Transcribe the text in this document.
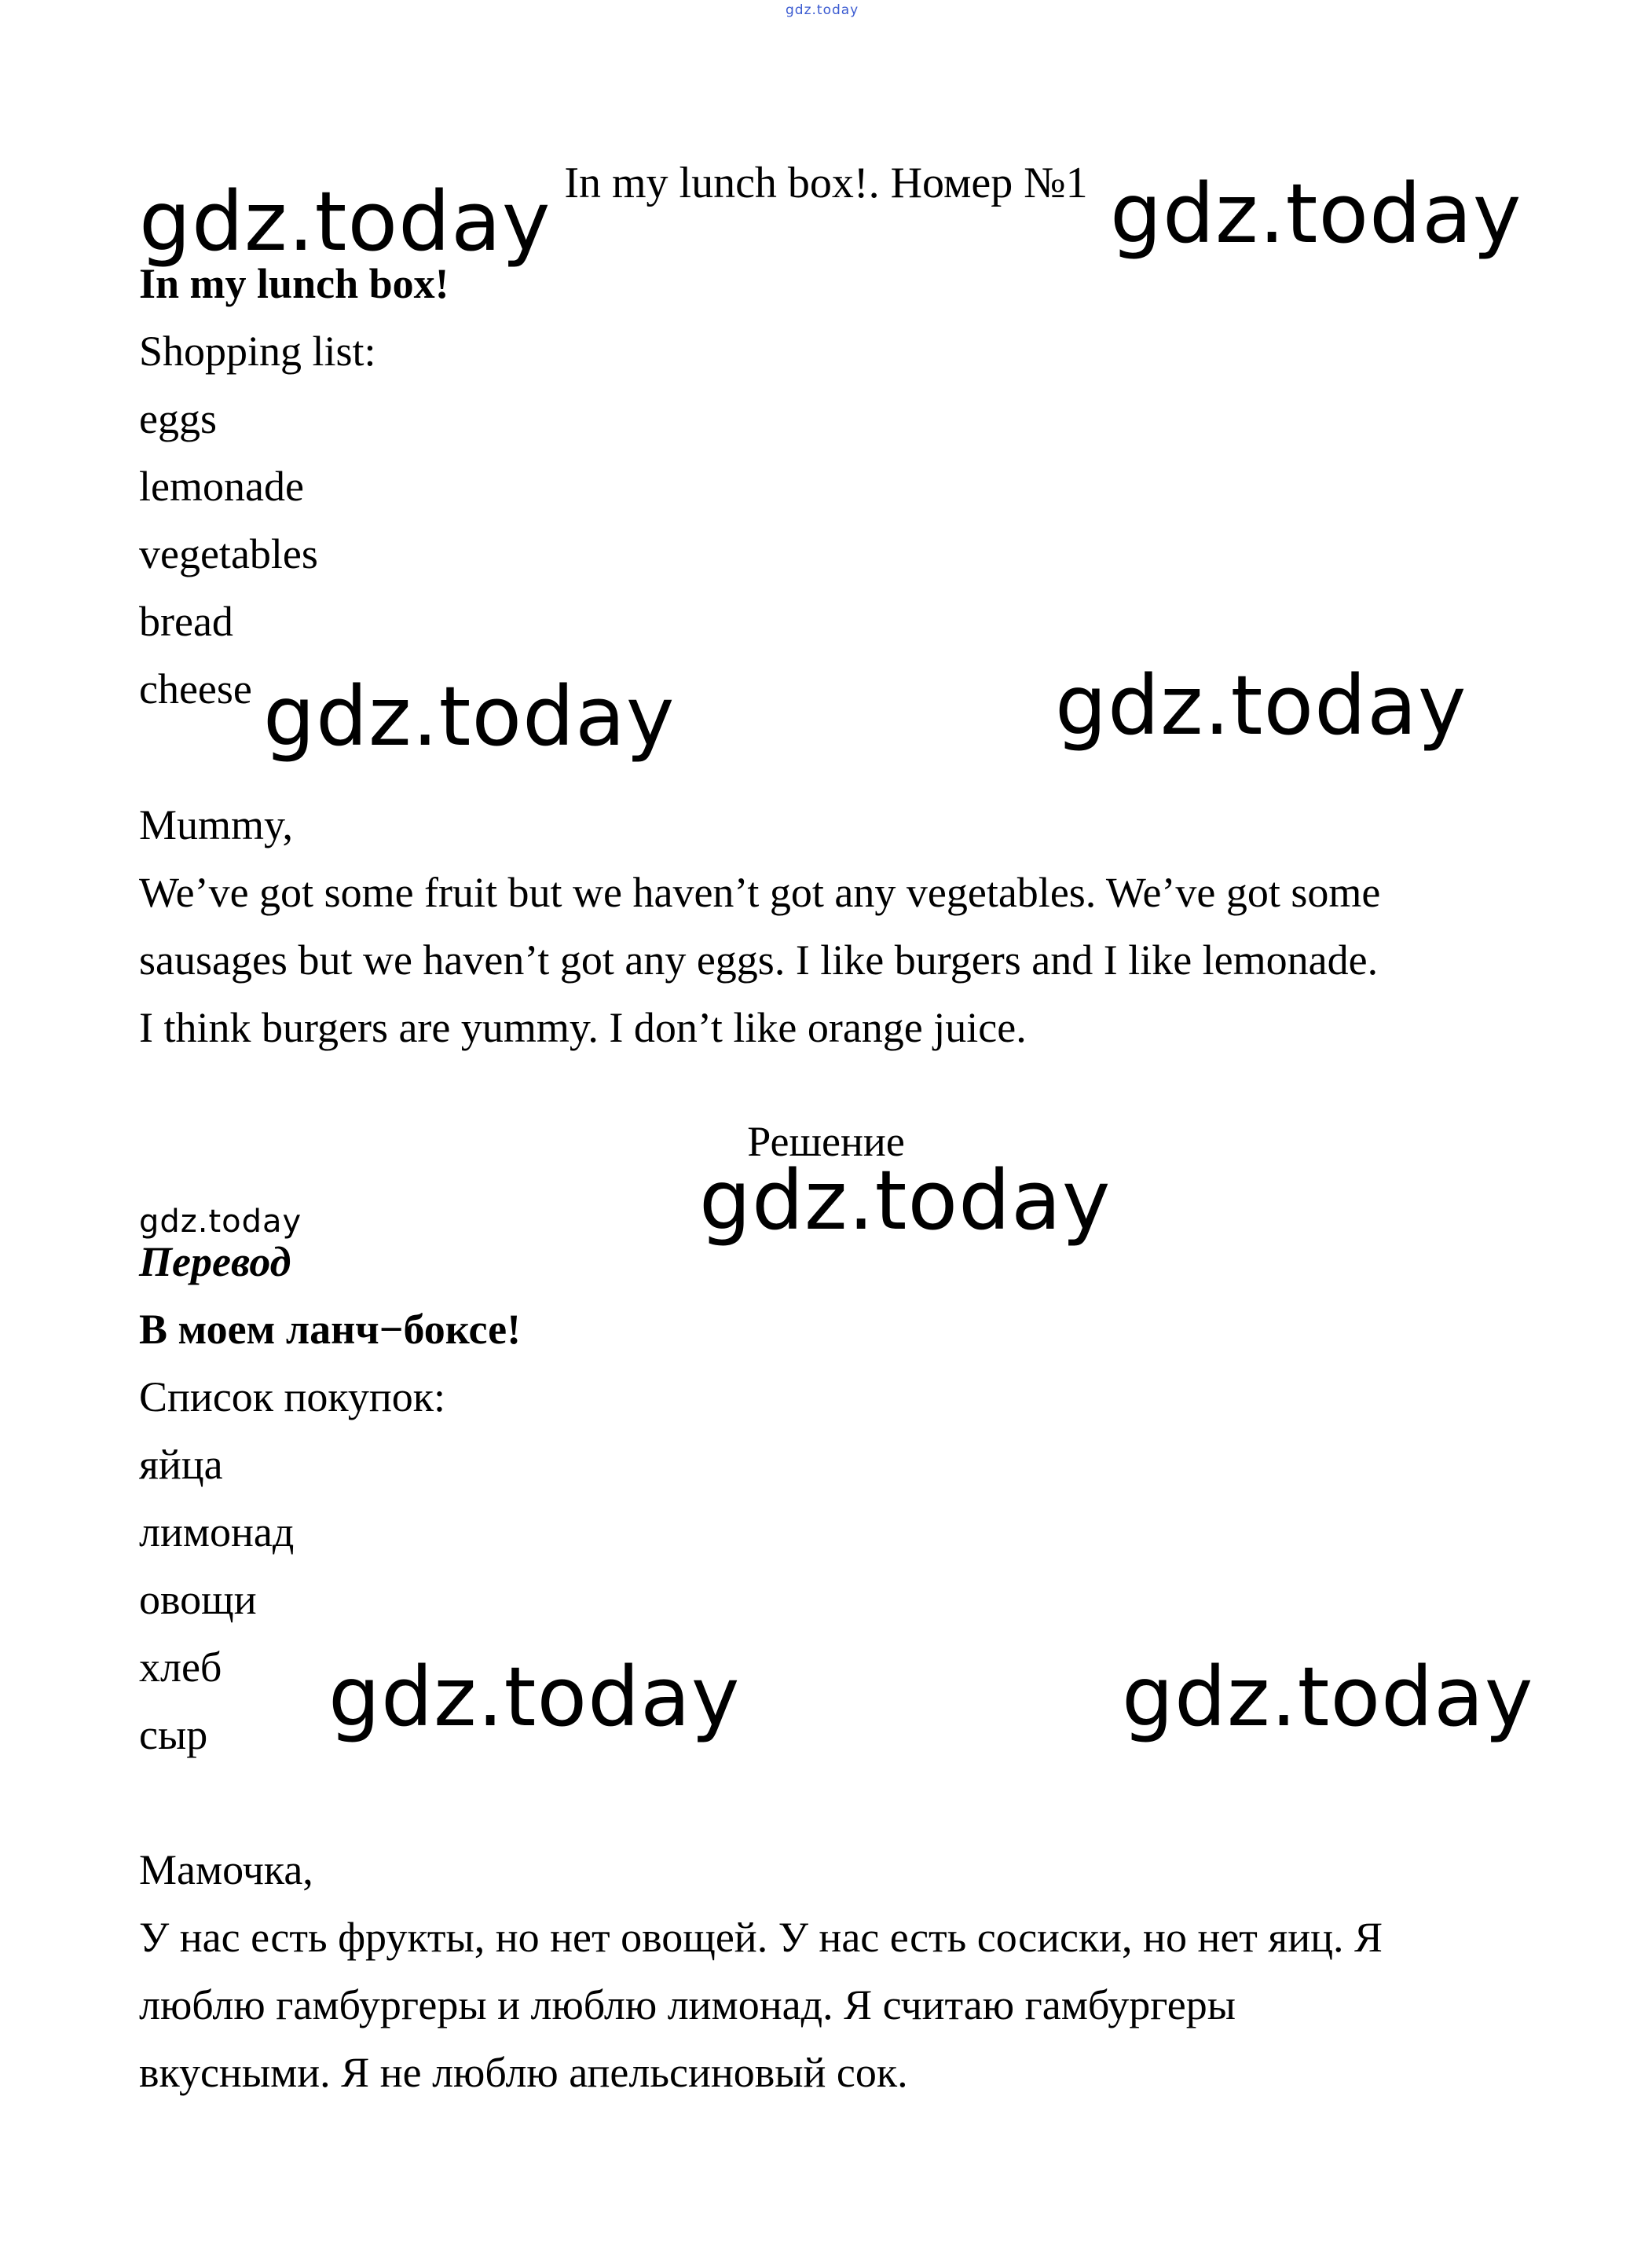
gdz.today
In my lunch box!. Номер №1
gdz.today	gdz.today
In my lunch box!
Shopping list:
eggs
lemonade
vegetables
bread
cheese gdz.today	gdz.today
Mummy,
We’ve got some fruit but we haven’t got any vegetables. We’ve got some
sausages but we haven’t got any eggs. I like burgers and I like lemonade.
I think burgers are yummy. I don’t like orange juice.
Решение
gdz.today
gdz.today
Перевод
В моем ланч−боксе!
Список покупок:
яйца
лимонад
овощи
хлеб
сыр	gdz.today	gdz.today
Мамочка,
У нас есть фрукты, но нет овощей. У нас есть сосиски, но нет яиц. Я
люблю гамбургеры и люблю лимонад. Я считаю гамбургеры
вкусными. Я не люблю апельсиновый сок.
